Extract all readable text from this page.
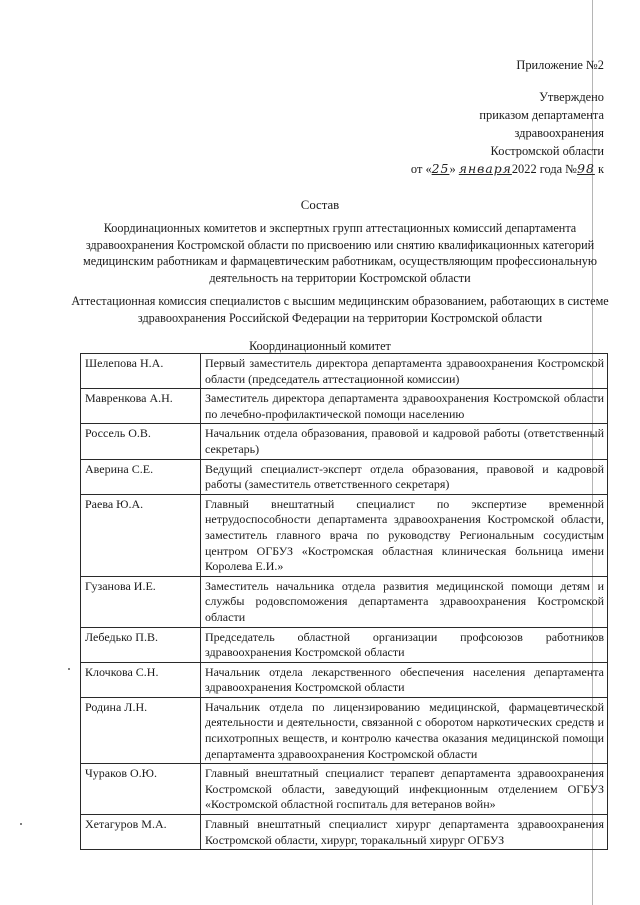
Приложение №2
Утверждено
приказом департамента
здравоохранения
Костромской области
от «25» января2022 года №98 к
Состав
Координационных комитетов и экспертных групп аттестационных комиссий департамента здравоохранения Костромской области по присвоению или снятию квалификационных категорий медицинским работникам и фармацевтическим работникам, осуществляющим профессиональную деятельность на территории Костромской области
Аттестационная комиссия специалистов с высшим медицинским образованием, работающих в системе здравоохранения Российской Федерации на территории Костромской области
Координационный комитет
Шелепова Н.А.	Первый заместитель директора департамента здравоохранения Костромской области (председатель аттестационной комиссии)
Мавренкова А.Н.	Заместитель директора департамента здравоохранения Костромской области по лечебно-профилактической помощи населению
Россель О.В.	Начальник отдела образования, правовой и кадровой работы (ответственный секретарь)
Аверина С.Е.	Ведущий специалист-эксперт отдела образования, правовой и кадровой работы (заместитель ответственного секретаря)
Раева Ю.А.	Главный внештатный специалист по экспертизе временной нетрудоспособности департамента здравоохранения Костромской области, заместитель главного врача по руководству Региональным сосудистым центром ОГБУЗ «Костромская областная клиническая больница имени Королева Е.И.»
Гузанова И.Е.	Заместитель начальника отдела развития медицинской помощи детям и службы родовспоможения департамента здравоохранения Костромской области
Лебедько П.В.	Председатель областной организации профсоюзов работников здравоохранения Костромской области
Клочкова С.Н.	Начальник отдела лекарственного обеспечения населения департамента здравоохранения Костромской области
Родина Л.Н.	Начальник отдела по лицензированию медицинской, фармацевтической деятельности и деятельности, связанной с оборотом наркотических средств и психотропных веществ, и контролю качества оказания медицинской помощи департамента здравоохранения Костромской области
Чураков О.Ю.	Главный внештатный специалист терапевт департамента здравоохранения Костромской области, заведующий инфекционным отделением ОГБУЗ «Костромской областной госпиталь для ветеранов войн»
Хетагуров М.А.	Главный внештатный специалист хирург департамента здравоохранения Костромской области, хирург, торакальный хирург ОГБУЗ
